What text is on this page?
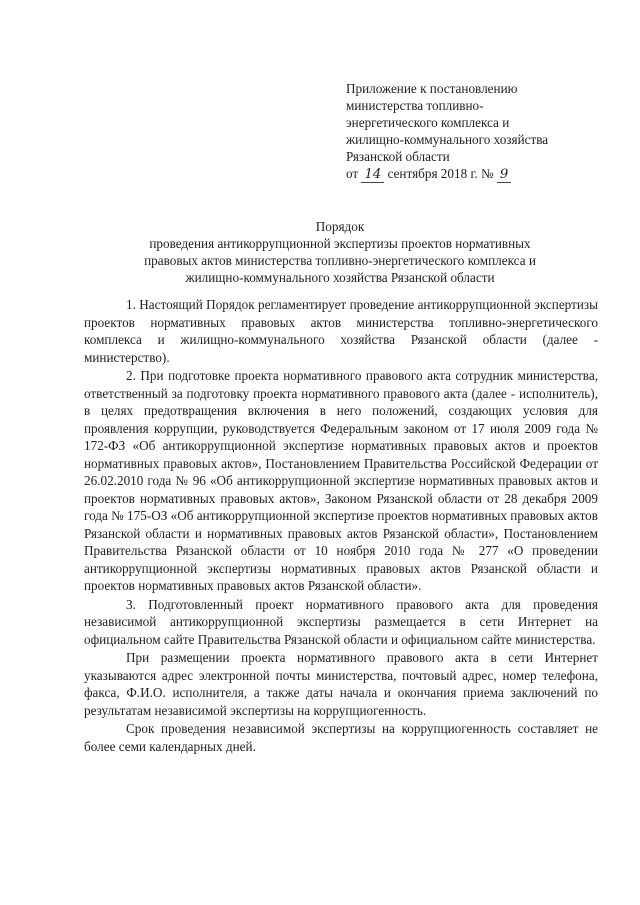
Приложение к постановлению
министерства топливно-
энергетического комплекса и
жилищно-коммунального хозяйства
Рязанской области
от 14 сентября 2018 г. № 9
Порядок
проведения антикоррупционной экспертизы проектов нормативных
правовых актов министерства топливно-энергетического комплекса и
жилищно-коммунального хозяйства Рязанской области

1. Настоящий Порядок регламентирует проведение антикоррупционной экспертизы проектов нормативных правовых актов министерства топливно-энергетического комплекса и жилищно-коммунального хозяйства Рязанской области (далее - министерство).

2. При подготовке проекта нормативного правового акта сотрудник министерства, ответственный за подготовку проекта нормативного правового акта (далее - исполнитель), в целях предотвращения включения в него положений, создающих условия для проявления коррупции, руководствуется Федеральным законом от 17 июля 2009 года № 172-ФЗ «Об антикоррупционной экспертизе нормативных правовых актов и проектов нормативных правовых актов», Постановлением Правительства Российской Федерации от 26.02.2010 года № 96 «Об антикоррупционной экспертизе нормативных правовых актов и проектов нормативных правовых актов», Законом Рязанской области от 28 декабря 2009 года № 175-ОЗ «Об антикоррупционной экспертизе проектов нормативных правовых актов Рязанской области и нормативных правовых актов Рязанской области», Постановлением Правительства Рязанской области от 10 ноября 2010 года № 277 «О проведении антикоррупционной экспертизы нормативных правовых актов Рязанской области и проектов нормативных правовых актов Рязанской области».

3. Подготовленный проект нормативного правового акта для проведения независимой антикоррупционной экспертизы размещается в сети Интернет на официальном сайте Правительства Рязанской области и официальном сайте министерства.

При размещении проекта нормативного правового акта в сети Интернет указываются адрес электронной почты министерства, почтовый адрес, номер телефона, факса, Ф.И.О. исполнителя, а также даты начала и окончания приема заключений по результатам независимой экспертизы на коррупциогенность.

Срок проведения независимой экспертизы на коррупциогенность составляет не более семи календарных дней.
